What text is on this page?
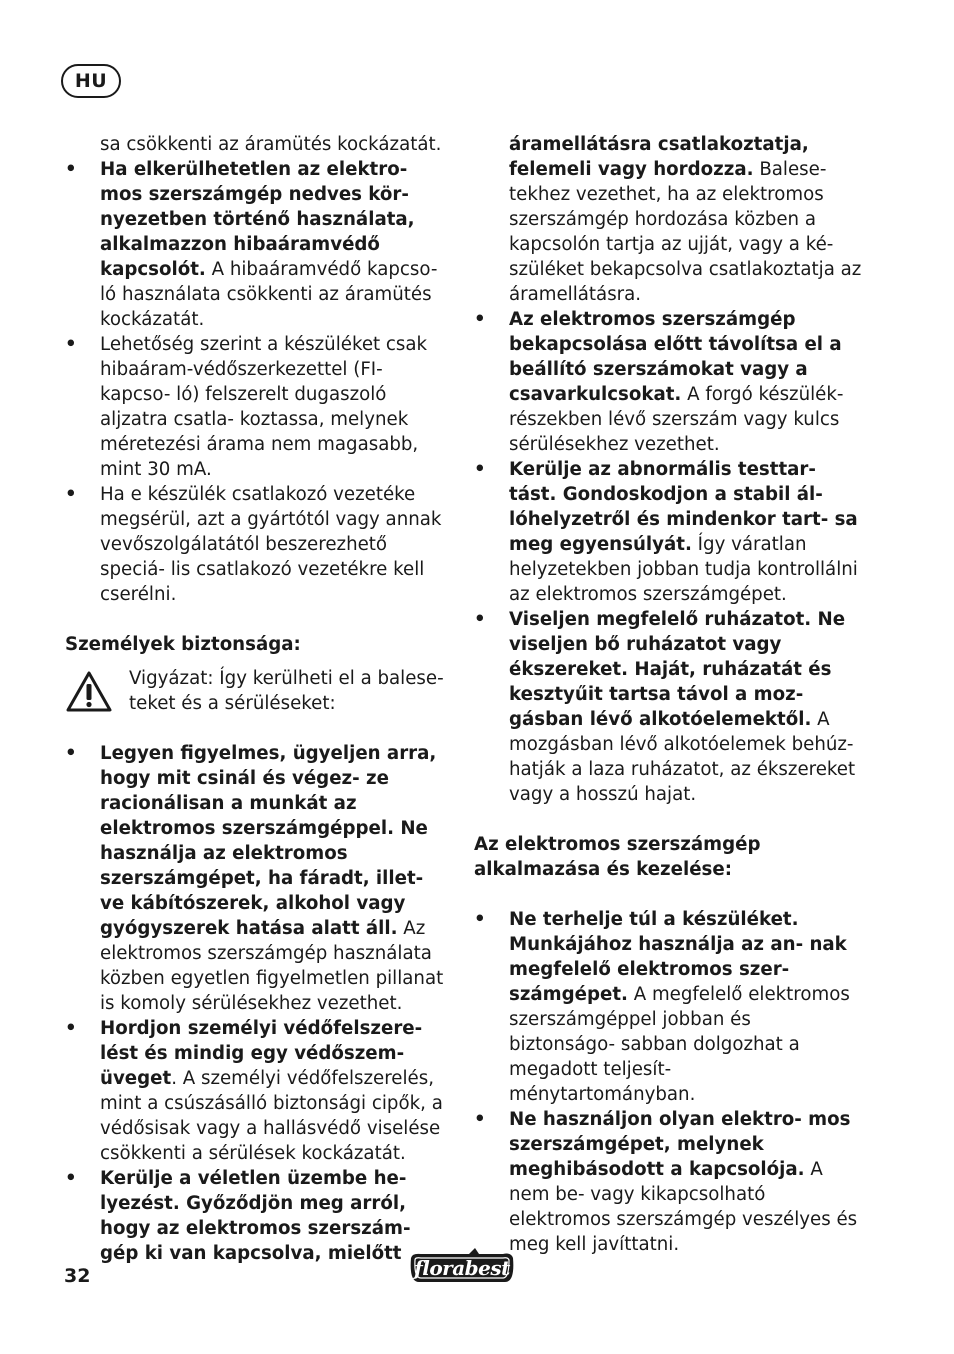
HU

sa csökkenti az áramütés kockázatát.

• Ha elkerülhetetlen az elektro- mos szerszámgép nedves kör- nyezetben történő használata, alkalmazzon hibaáramvédő kapcsolót. A hibaáramvédő kapcso- ló használata csökkenti az áramütés kockázatát.
• Lehetőség szerint a készüléket csak hibaáram-védőszerkezettel (FI-kapcso- ló) felszerelt dugaszoló aljzatra csatla- koztassa, melynek méretezési árama nem magasabb, mint 30 mA.
• Ha e készülék csatlakozó vezetéke megsérül, azt a gyártótól vagy annak vevőszolgálatától beszerezhető speciá- lis csatlakozó vezetékre kell cserélni.

Személyek biztonsága:

Vigyázat: Így kerülheti el a balese- teket és a sérüléseket:
• Legyen figyelmes, ügyeljen arra, hogy mit csinál és végez- ze racionálisan a munkát az elektromos szerszámgéppel. Ne használja az elektromos szerszámgépet, ha fáradt, illet- ve kábítószerek, alkohol vagy gyógyszerek hatása alatt áll. Az elektromos szerszámgép használata közben egyetlen figyelmetlen pillanat is komoly sérülésekhez vezethet.
• Hordjon személyi védőfelszere- lést és mindig egy védőszem- üveget. A személyi védőfelszerelés, mint a csúszásálló biztonsági cipők, a védősisak vagy a hallásvédő viselése csökkenti a sérülések kockázatát.
• Kerülje a véletlen üzembe he- lyezést. Győződjön meg arról, hogy az elektromos szerszám- gép ki van kapcsolva, mielőtt

áramellátásra csatlakoztatja, felemeli vagy hordozza. Balese- tekhez vezethet, ha az elektromos szerszámgép hordozása közben a kapcsolón tartja az ujját, vagy a ké- szüléket bekapcsolva csatlakoztatja az áramellátásra.

• Az elektromos szerszámgép bekapcsolása előtt távolítsa el a beállító szerszámokat vagy a csavarkulcsokat. A forgó készülék- részekben lévő szerszám vagy kulcs sérülésekhez vezethet.
• Kerülje az abnormális testtar- tást. Gondoskodjon a stabil ál- lóhelyzetről és mindenkor tart- sa meg egyensúlyát. Így váratlan helyzetekben jobban tudja kontrollálni az elektromos szerszámgépet.
• Viseljen megfelelő ruházatot. Ne viseljen bő ruházatot vagy ékszereket. Haját, ruházatát és kesztyűit tartsa távol a moz- gásban lévő alkotóelemektől. A mozgásban lévő alkotóelemek behúz- hatják a laza ruházatot, az ékszereket vagy a hosszú hajat.

Az elektromos szerszámgép alkalmazása és kezelése:

• Ne terhelje túl a készüléket. Munkájához használja az an- nak megfelelő elektromos szer- számgépet. A megfelelő elektromos szerszámgéppel jobban és biztonságo- sabban dolgozhat a megadott teljesít- ménytartományban.
• Ne használjon olyan elektro- mos szerszámgépet, melynek meghibásodott a kapcsolója. A nem be- vagy kikapcsolható elektromos szerszámgép veszélyes és meg kell javíttatni.
32	florabest
